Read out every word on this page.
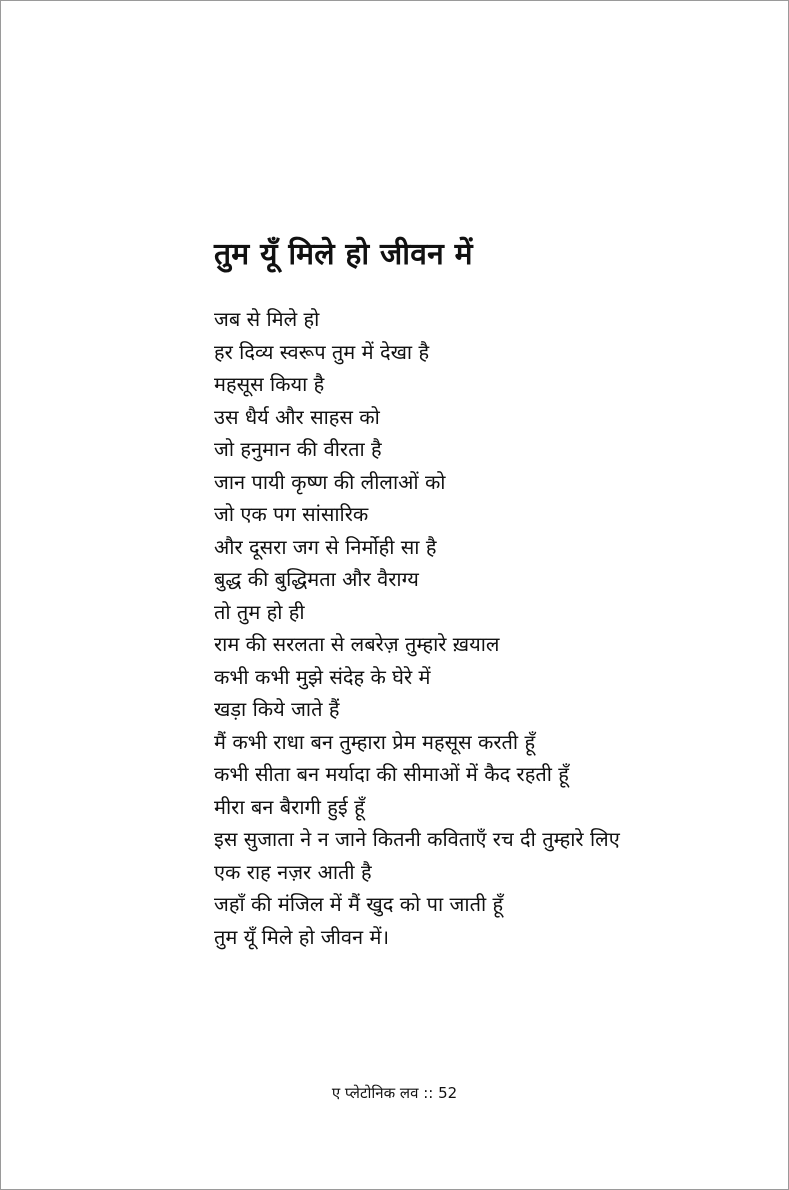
तुम यूँ मिले हो जीवन में
जब से मिले हो
हर दिव्य स्वरूप तुम में देखा है
महसूस किया है
उस धैर्य और साहस को
जो हनुमान की वीरता है
जान पायी कृष्ण की लीलाओं को
जो एक पग सांसारिक
और दूसरा जग से निर्मोही सा है
बुद्ध की बुद्धिमता और वैराग्य
तो तुम हो ही
राम की सरलता से लबरेज़ तुम्हारे ख़याल
कभी कभी मुझे संदेह के घेरे में
खड़ा किये जाते हैं
मैं कभी राधा बन तुम्हारा प्रेम महसूस करती हूँ
कभी सीता बन मर्यादा की सीमाओं में कैद रहती हूँ
मीरा बन बैरागी हुई हूँ
इस सुजाता ने न जाने कितनी कविताएँ रच दी तुम्हारे लिए
एक राह नज़र आती है
जहाँ की मंजिल में मैं खुद को पा जाती हूँ
तुम यूँ मिले हो जीवन में।
ए प्लेटोनिक लव :: 52
